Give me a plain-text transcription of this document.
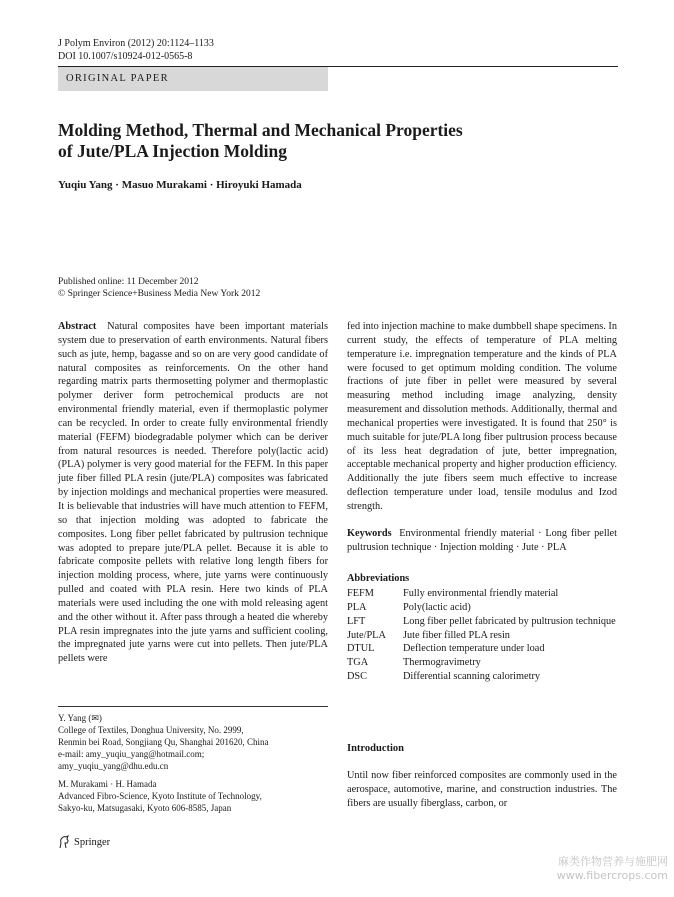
J Polym Environ (2012) 20:1124–1133
DOI 10.1007/s10924-012-0565-8
ORIGINAL PAPER
Molding Method, Thermal and Mechanical Properties
of Jute/PLA Injection Molding
Yuqiu Yang · Masuo Murakami · Hiroyuki Hamada
Published online: 11 December 2012
© Springer Science+Business Media New York 2012
Abstract Natural composites have been important materials system due to preservation of earth environments. Natural fibers such as jute, hemp, bagasse and so on are very good candidate of natural composites as reinforcements. On the other hand regarding matrix parts thermosetting polymer and thermoplastic polymer deriver form petrochemical products are not environmental friendly material, even if thermoplastic polymer can be recycled. In order to create fully environmental friendly material (FEFM) biodegradable polymer which can be deriver from natural resources is needed. Therefore poly(lactic acid) (PLA) polymer is very good material for the FEFM. In this paper jute fiber filled PLA resin (jute/PLA) composites was fabricated by injection moldings and mechanical properties were measured. It is believable that industries will have much attention to FEFM, so that injection molding was adopted to fabricate the composites. Long fiber pellet fabricated by pultrusion technique was adopted to prepare jute/PLA pellet. Because it is able to fabricate composite pellets with relative long length fibers for injection molding process, where, jute yarns were continuously pulled and coated with PLA resin. Here two kinds of PLA materials were used including the one with mold releasing agent and the other without it. After pass through a heated die whereby PLA resin impregnates into the jute yarns and sufficient cooling, the impregnated jute yarns were cut into pellets. Then jute/PLA pellets were
fed into injection machine to make dumbbell shape specimens. In current study, the effects of temperature of PLA melting temperature i.e. impregnation temperature and the kinds of PLA were focused to get optimum molding condition. The volume fractions of jute fiber in pellet were measured by several measuring method including image analyzing, density measurement and dissolution methods. Additionally, thermal and mechanical properties were investigated. It is found that 250° is much suitable for jute/PLA long fiber pultrusion process because of its less heat degradation of jute, better impregnation, acceptable mechanical property and higher production efficiency. Additionally the jute fibers seem much effective to increase deflection temperature under load, tensile modulus and Izod strength.
Keywords Environmental friendly material · Long fiber pellet pultrusion technique · Injection molding · Jute · PLA
Abbreviations
FEFM	Fully environmental friendly material
PLA	Poly(lactic acid)
LFT	Long fiber pellet fabricated by pultrusion technique
Jute/PLA	Jute fiber filled PLA resin
DTUL	Deflection temperature under load
TGA	Thermogravimetry
DSC	Differential scanning calorimetry
Y. Yang (✉)
College of Textiles, Donghua University, No. 2999,
Renmin bei Road, Songjiang Qu, Shanghai 201620, China
e-mail: amy_yuqiu_yang@hotmail.com;
amy_yuqiu_yang@dhu.edu.cn
M. Murakami · H. Hamada
Advanced Fibro-Science, Kyoto Institute of Technology,
Sakyo-ku, Matsugasaki, Kyoto 606-8585, Japan
Introduction
Until now fiber reinforced composites are commonly used in the aerospace, automotive, marine, and construction industries. The fibers are usually fiberglass, carbon, or
Springer
麻类作物营养与施肥网
www.fibercrops.com
